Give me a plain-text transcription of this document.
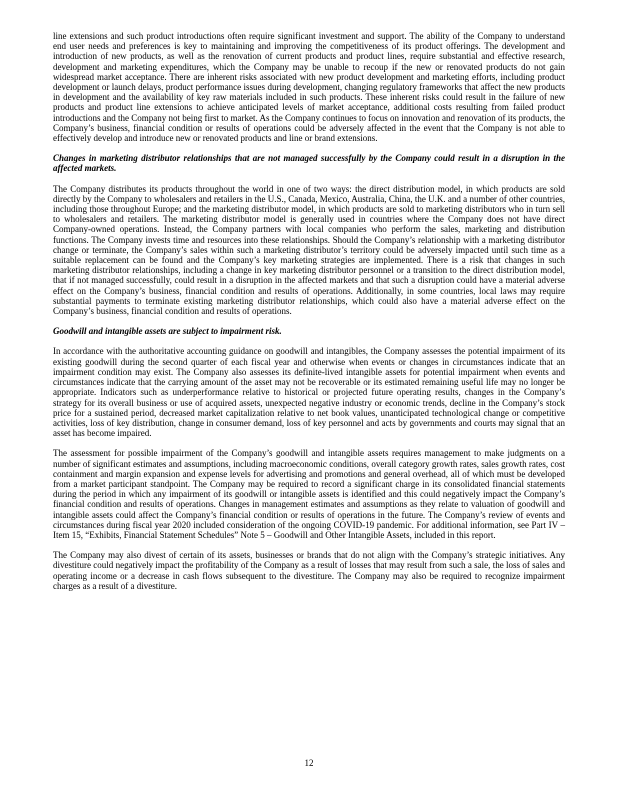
line extensions and such product introductions often require significant investment and support. The ability of the Company to understand end user needs and preferences is key to maintaining and improving the competitiveness of its product offerings. The development and introduction of new products, as well as the renovation of current products and product lines, require substantial and effective research, development and marketing expenditures, which the Company may be unable to recoup if the new or renovated products do not gain widespread market acceptance. There are inherent risks associated with new product development and marketing efforts, including product development or launch delays, product performance issues during development, changing regulatory frameworks that affect the new products in development and the availability of key raw materials included in such products. These inherent risks could result in the failure of new products and product line extensions to achieve anticipated levels of market acceptance, additional costs resulting from failed product introductions and the Company not being first to market. As the Company continues to focus on innovation and renovation of its products, the Company’s business, financial condition or results of operations could be adversely affected in the event that the Company is not able to effectively develop and introduce new or renovated products and line or brand extensions.

Changes in marketing distributor relationships that are not managed successfully by the Company could result in a disruption in the affected markets.

The Company distributes its products throughout the world in one of two ways: the direct distribution model, in which products are sold directly by the Company to wholesalers and retailers in the U.S., Canada, Mexico, Australia, China, the U.K. and a number of other countries, including those throughout Europe; and the marketing distributor model, in which products are sold to marketing distributors who in turn sell to wholesalers and retailers. The marketing distributor model is generally used in countries where the Company does not have direct Company-owned operations. Instead, the Company partners with local companies who perform the sales, marketing and distribution functions. The Company invests time and resources into these relationships. Should the Company’s relationship with a marketing distributor change or terminate, the Company’s sales within such a marketing distributor’s territory could be adversely impacted until such time as a suitable replacement can be found and the Company’s key marketing strategies are implemented. There is a risk that changes in such marketing distributor relationships, including a change in key marketing distributor personnel or a transition to the direct distribution model, that if not managed successfully, could result in a disruption in the affected markets and that such a disruption could have a material adverse effect on the Company’s business, financial condition and results of operations. Additionally, in some countries, local laws may require substantial payments to terminate existing marketing distributor relationships, which could also have a material adverse effect on the Company’s business, financial condition and results of operations.

Goodwill and intangible assets are subject to impairment risk.

In accordance with the authoritative accounting guidance on goodwill and intangibles, the Company assesses the potential impairment of its existing goodwill during the second quarter of each fiscal year and otherwise when events or changes in circumstances indicate that an impairment condition may exist. The Company also assesses its definite-lived intangible assets for potential impairment when events and circumstances indicate that the carrying amount of the asset may not be recoverable or its estimated remaining useful life may no longer be appropriate. Indicators such as underperformance relative to historical or projected future operating results, changes in the Company’s strategy for its overall business or use of acquired assets, unexpected negative industry or economic trends, decline in the Company’s stock price for a sustained period, decreased market capitalization relative to net book values, unanticipated technological change or competitive activities, loss of key distribution, change in consumer demand, loss of key personnel and acts by governments and courts may signal that an asset has become impaired.

The assessment for possible impairment of the Company’s goodwill and intangible assets requires management to make judgments on a number of significant estimates and assumptions, including macroeconomic conditions, overall category growth rates, sales growth rates, cost containment and margin expansion and expense levels for advertising and promotions and general overhead, all of which must be developed from a market participant standpoint. The Company may be required to record a significant charge in its consolidated financial statements during the period in which any impairment of its goodwill or intangible assets is identified and this could negatively impact the Company’s financial condition and results of operations. Changes in management estimates and assumptions as they relate to valuation of goodwill and intangible assets could affect the Company’s financial condition or results of operations in the future. The Company’s review of events and circumstances during fiscal year 2020 included consideration of the ongoing COVID-19 pandemic. For additional information, see Part IV – Item 15, “Exhibits, Financial Statement Schedules” Note 5 – Goodwill and Other Intangible Assets, included in this report.

The Company may also divest of certain of its assets, businesses or brands that do not align with the Company’s strategic initiatives. Any divestiture could negatively impact the profitability of the Company as a result of losses that may result from such a sale, the loss of sales and operating income or a decrease in cash flows subsequent to the divestiture. The Company may also be required to recognize impairment charges as a result of a divestiture.

12
